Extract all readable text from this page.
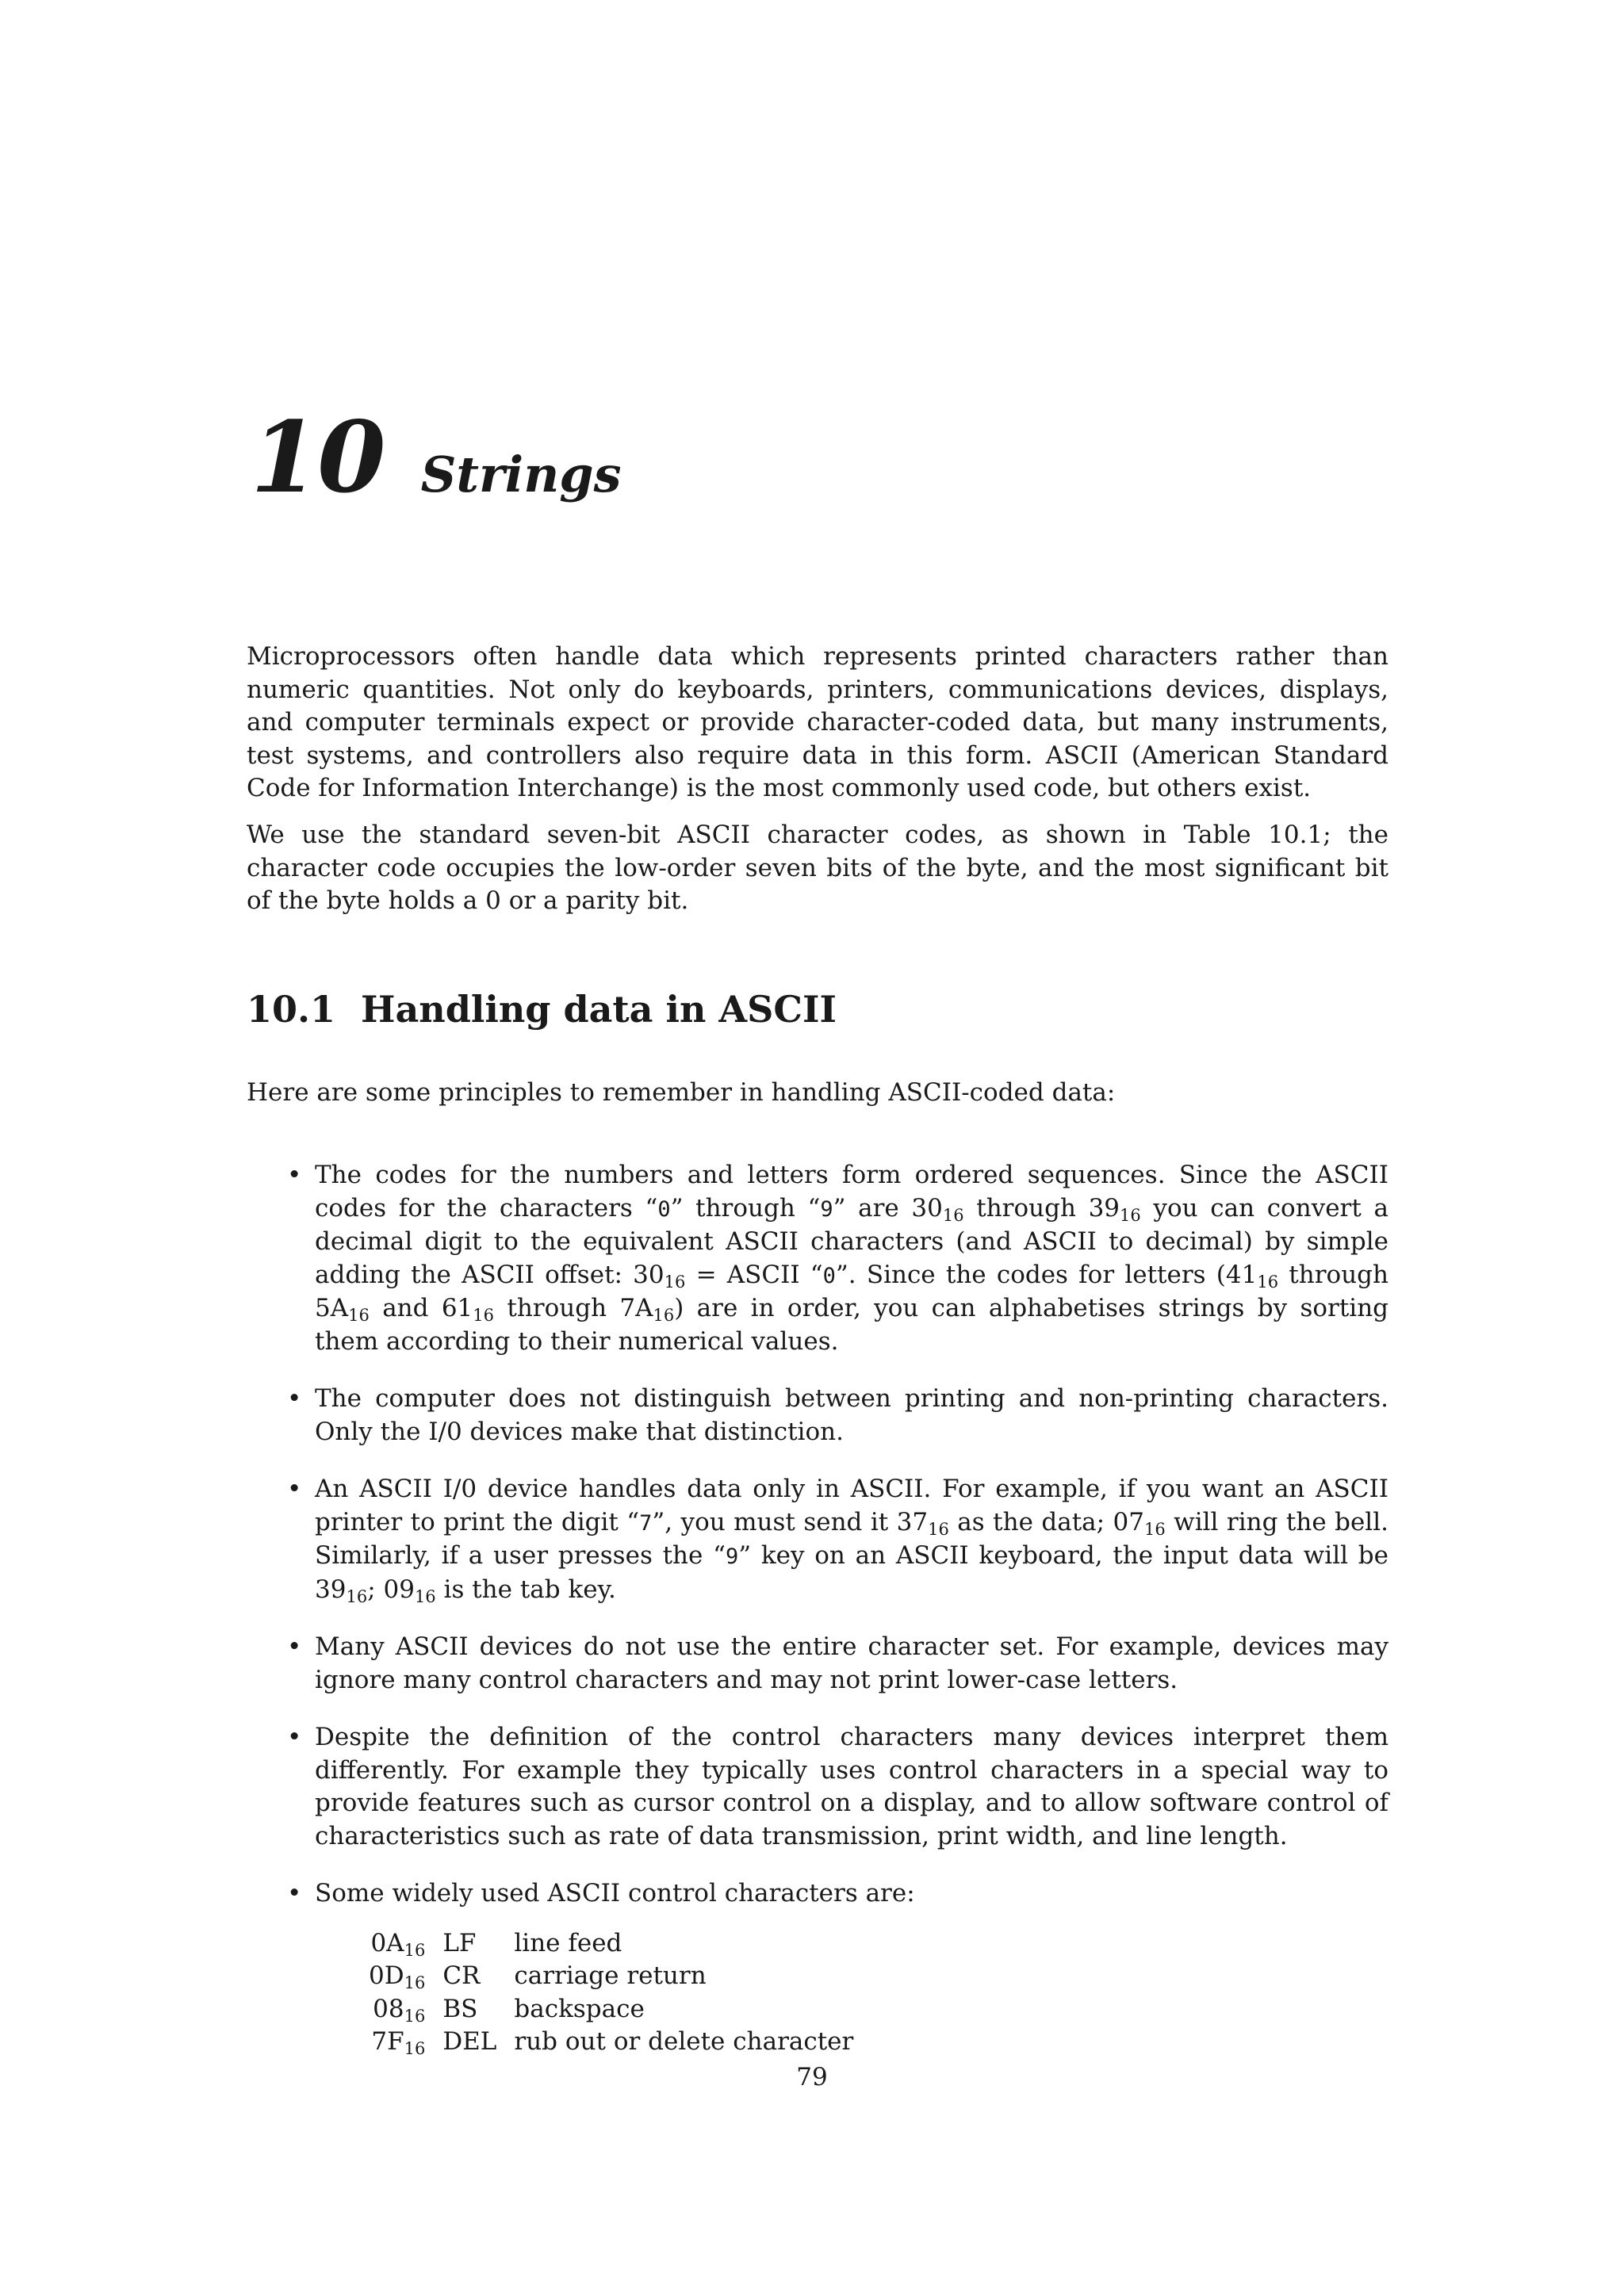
10 Strings

Microprocessors often handle data which represents printed characters rather than numeric quantities. Not only do keyboards, printers, communications devices, displays, and computer terminals expect or provide character-coded data, but many instruments, test systems, and controllers also require data in this form. ASCII (American Standard Code for Information Interchange) is the most commonly used code, but others exist.

We use the standard seven-bit ASCII character codes, as shown in Table 10.1; the character code occupies the low-order seven bits of the byte, and the most significant bit of the byte holds a 0 or a parity bit.

10.1 Handling data in ASCII

Here are some principles to remember in handling ASCII-coded data:

• The codes for the numbers and letters form ordered sequences. Since the ASCII codes for the characters “0” through “9” are $30_{16}$ through $39_{16}$ you can convert a decimal digit to the equivalent ASCII characters (and ASCII to decimal) by simple adding the ASCII offset: $30_{16}$ = ASCII “0”. Since the codes for letters ($41_{16}$ through $5A_{16}$ and $61_{16}$ through $7A_{16}$) are in order, you can alphabetises strings by sorting them according to their numerical values.
• The computer does not distinguish between printing and non-printing characters. Only the I/0 devices make that distinction.
• An ASCII I/0 device handles data only in ASCII. For example, if you want an ASCII printer to print the digit “7”, you must send it $37_{16}$ as the data; $07_{16}$ will ring the bell. Similarly, if a user presses the “9” key on an ASCII keyboard, the input data will be $39_{16}$; $09_{16}$ is the tab key.
• Many ASCII devices do not use the entire character set. For example, devices may ignore many control characters and may not print lower-case letters.
• Despite the definition of the control characters many devices interpret them differently. For example they typically uses control characters in a special way to provide features such as cursor control on a display, and to allow software control of characteristics such as rate of data transmission, print width, and line length.
• Some widely used ASCII control characters are:
$0A_{16}$	LF	line feed
$0D_{16}$	CR	carriage return
$08_{16}$	BS	backspace
$7F_{16}$	DEL	rub out or delete character
79
